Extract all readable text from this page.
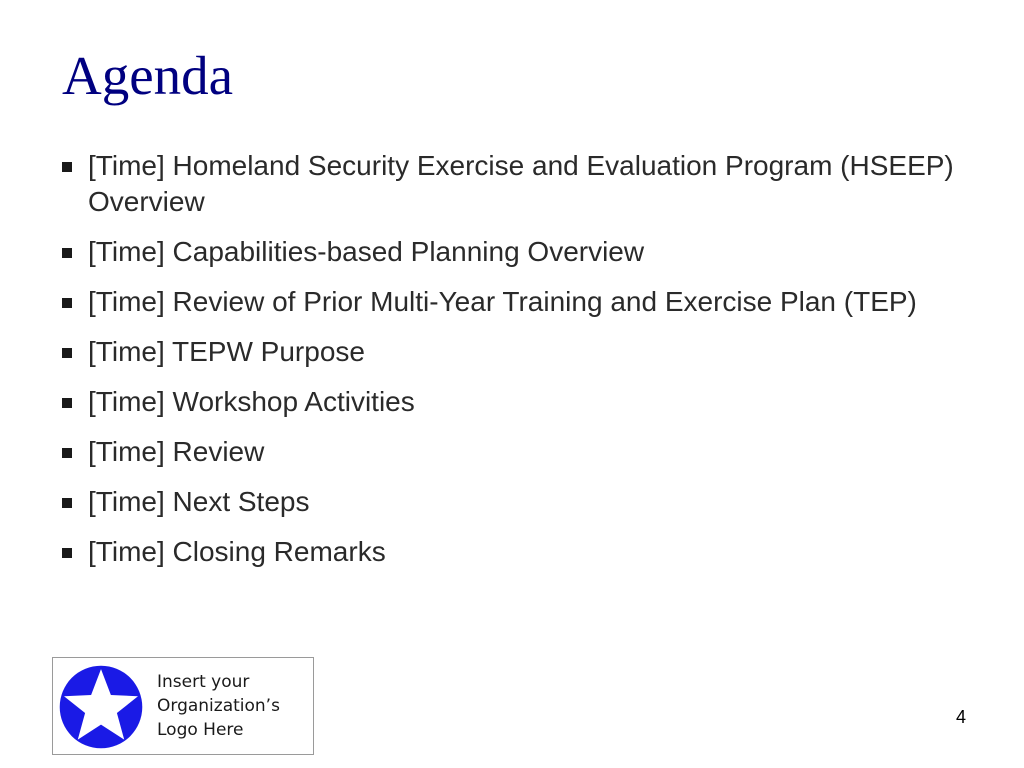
Agenda
[Time] Homeland Security Exercise and Evaluation Program (HSEEP) Overview
[Time] Capabilities-based Planning Overview
[Time] Review of Prior Multi-Year Training and Exercise Plan (TEP)
[Time] TEPW Purpose
[Time] Workshop Activities
[Time] Review
[Time] Next Steps
[Time] Closing Remarks
Insert your
Organization’s
Logo Here
4
